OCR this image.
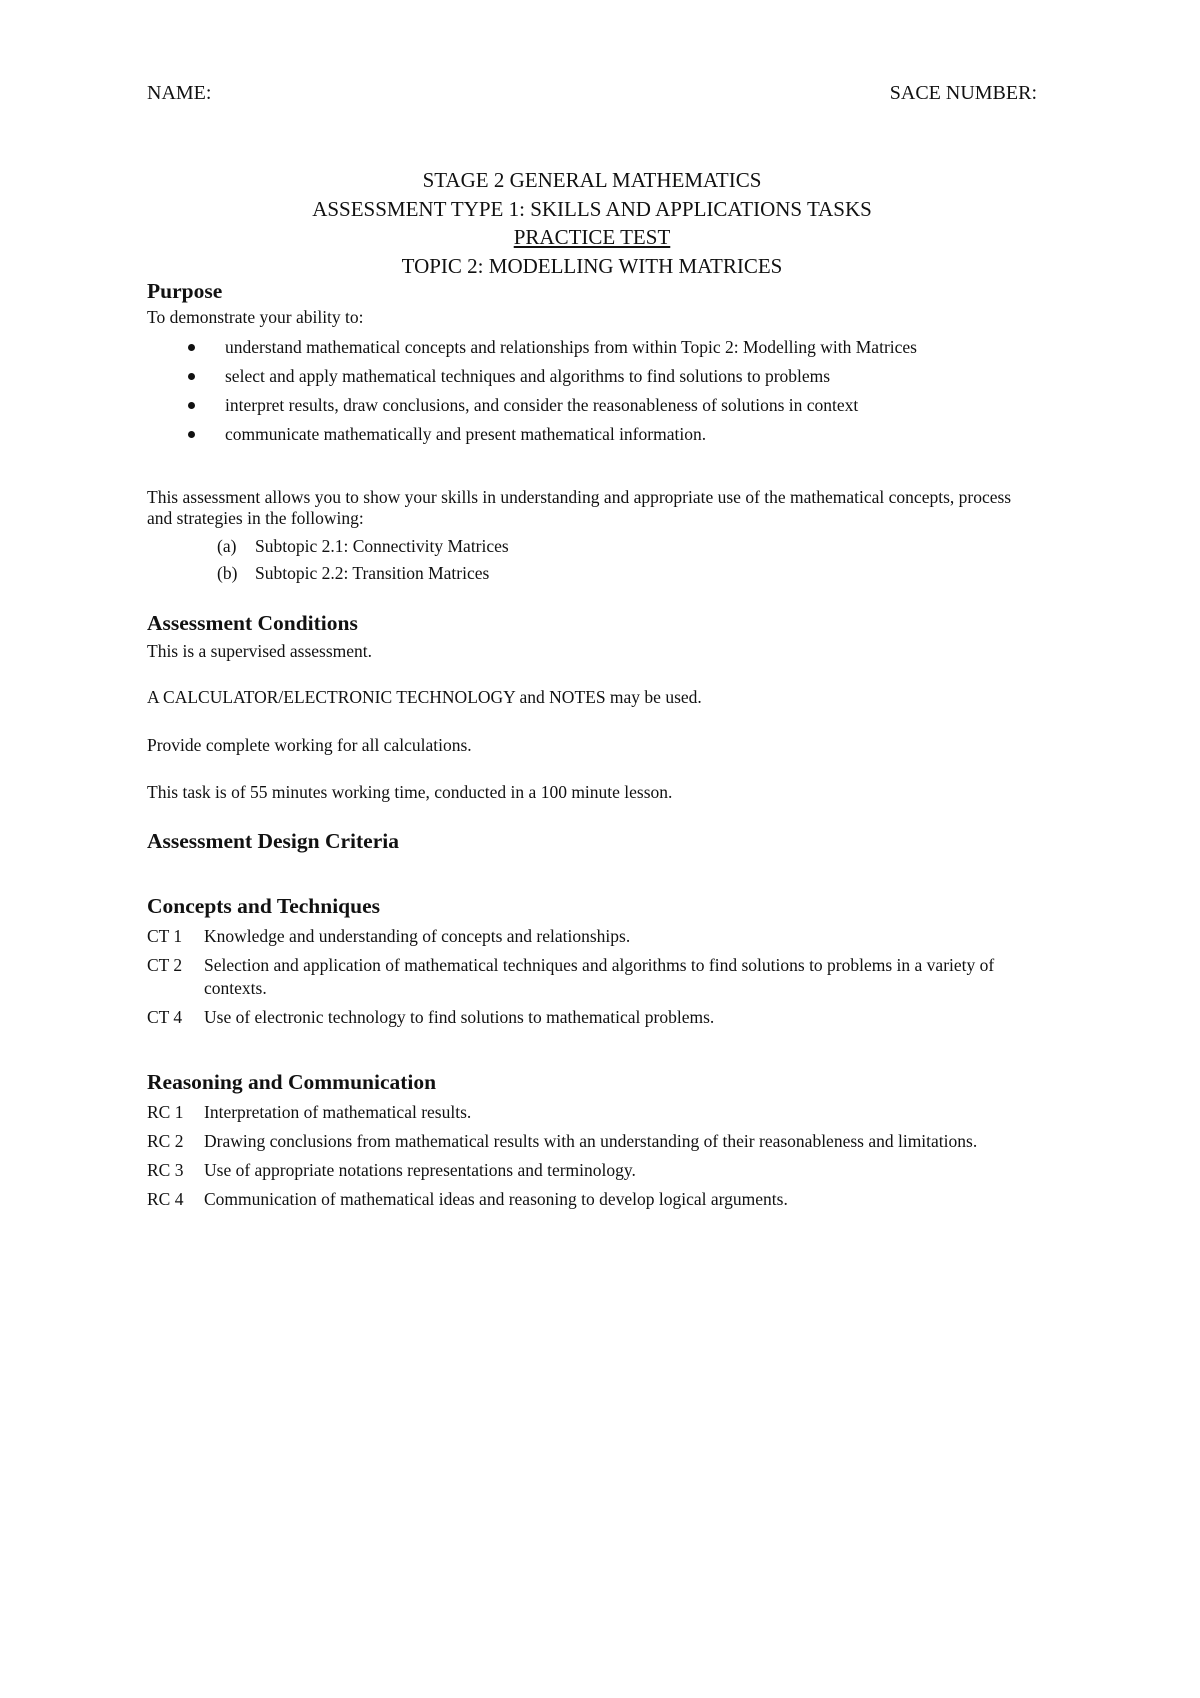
NAME:	SACE NUMBER:
STAGE 2 GENERAL MATHEMATICS
ASSESSMENT TYPE 1: SKILLS AND APPLICATIONS TASKS
PRACTICE TEST
TOPIC 2: MODELLING WITH MATRICES
Purpose
To demonstrate your ability to:
understand mathematical concepts and relationships from within Topic 2: Modelling with Matrices
select and apply mathematical techniques and algorithms to find solutions to problems
interpret results, draw conclusions, and consider the reasonableness of solutions in context
communicate mathematically and present mathematical information.
This assessment allows you to show your skills in understanding and appropriate use of the mathematical concepts, process and strategies in the following:
(a)	Subtopic 2.1: Connectivity Matrices
(b)	Subtopic 2.2: Transition Matrices
Assessment Conditions
This is a supervised assessment.
A CALCULATOR/ELECTRONIC TECHNOLOGY and NOTES may be used.
Provide complete working for all calculations.
This task is of 55 minutes working time, conducted in a 100 minute lesson.
Assessment Design Criteria
Concepts and Techniques
CT 1	Knowledge and understanding of concepts and relationships.
CT 2	Selection and application of mathematical techniques and algorithms to find solutions to problems in a variety of contexts.
CT 4	Use of electronic technology to find solutions to mathematical problems.
Reasoning and Communication
RC 1	Interpretation of mathematical results.
RC 2	Drawing conclusions from mathematical results with an understanding of their reasonableness and limitations.
RC 3	Use of appropriate notations representations and terminology.
RC 4	Communication of mathematical ideas and reasoning to develop logical arguments.
